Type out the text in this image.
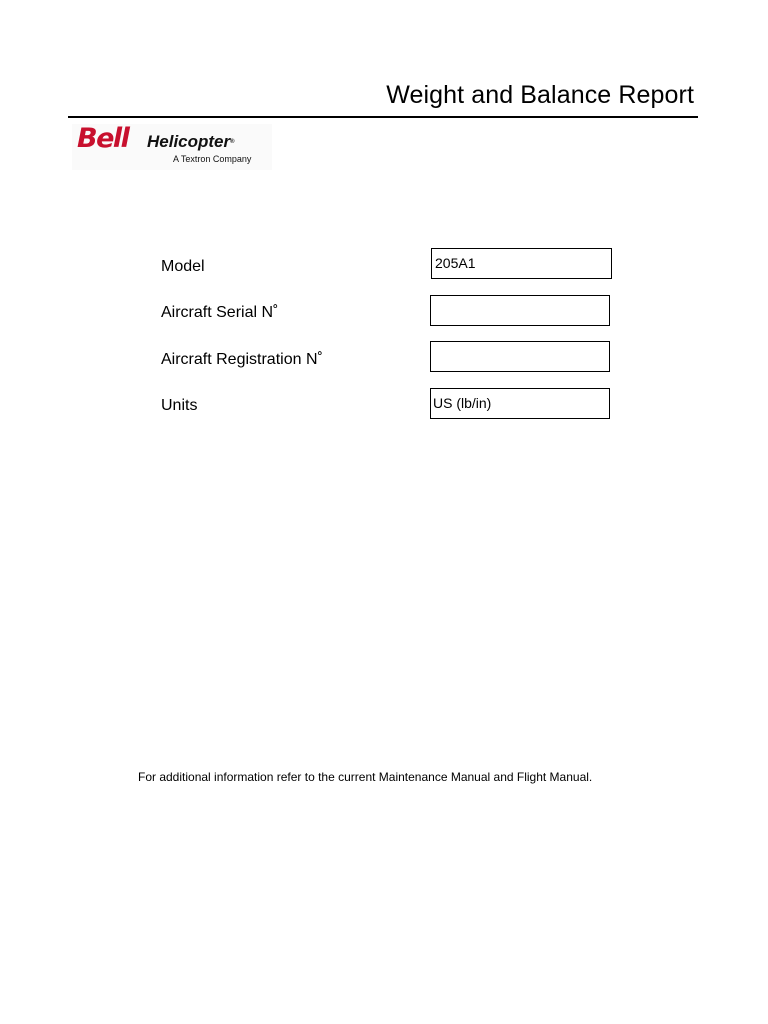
Weight and Balance Report
Bell Helicopter®
A Textron Company
Model	205A1
Aircraft Serial N˚
Aircraft Registration N˚
Units	US (lb/in)
For additional information refer to the current Maintenance Manual and Flight Manual.
